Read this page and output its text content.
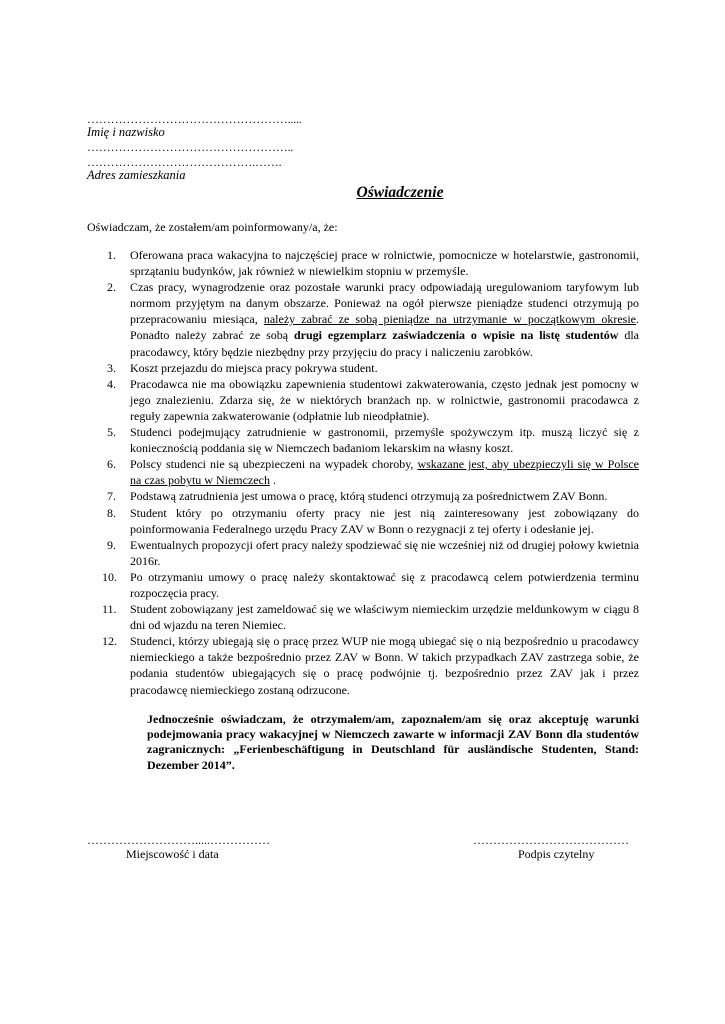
…………………………………………….....
Imię i nazwisko
……………………………………………..
…………………………………….…….
Adres zamieszkania
Oświadczenie
Oświadczam, że zostałem/am poinformowany/a, że:
1.	Oferowana praca wakacyjna to najczęściej prace w rolnictwie, pomocnicze w hotelarstwie, gastronomii, sprzątaniu budynków, jak również w niewielkim stopniu w przemyśle.
2.	Czas pracy, wynagrodzenie oraz pozostałe warunki pracy odpowiadają uregulowaniom taryfowym lub normom przyjętym na danym obszarze. Ponieważ na ogół pierwsze pieniądze studenci otrzymują po przepracowaniu miesiąca, należy zabrać ze sobą pieniądze na utrzymanie w początkowym okresie. Ponadto należy zabrać ze sobą drugi egzemplarz zaświadczenia o wpisie na listę studentów dla pracodawcy, który będzie niezbędny przy przyjęciu do pracy i naliczeniu zarobków.
3.	Koszt przejazdu do miejsca pracy pokrywa student.
4.	Pracodawca nie ma obowiązku zapewnienia studentowi zakwaterowania, często jednak jest pomocny w jego znalezieniu. Zdarza się, że w niektórych branżach np. w rolnictwie, gastronomii pracodawca z reguły zapewnia zakwaterowanie (odpłatnie lub nieodpłatnie).
5.	Studenci podejmujący zatrudnienie w gastronomii, przemyśle spożywczym itp. muszą liczyć się z koniecznością poddania się w Niemczech badaniom lekarskim na własny koszt.
6.	Polscy studenci nie są ubezpieczeni na wypadek choroby, wskazane jest, aby ubezpieczyli się w Polsce na czas pobytu w Niemczech .
7.	Podstawą zatrudnienia jest umowa o pracę, którą studenci otrzymują za pośrednictwem ZAV Bonn.
8.	Student który po otrzymaniu oferty pracy nie jest nią zainteresowany jest zobowiązany do poinformowania Federalnego urzędu Pracy ZAV w Bonn o rezygnacji z tej oferty i odesłanie jej.
9.	Ewentualnych propozycji ofert pracy należy spodziewać się nie wcześniej niż od drugiej połowy kwietnia 2016r.
10.	Po otrzymaniu umowy o pracę należy skontaktować się z pracodawcą celem potwierdzenia terminu rozpoczęcia pracy.
11.	Student zobowiązany jest zameldować się we właściwym niemieckim urzędzie meldunkowym w ciągu 8 dni od wjazdu na teren Niemiec.
12.	Studenci, którzy ubiegają się o pracę przez WUP nie mogą ubiegać się o nią bezpośrednio u pracodawcy niemieckiego a także bezpośrednio przez ZAV w Bonn. W takich przypadkach ZAV zastrzega sobie, że podania studentów ubiegających się o pracę podwójnie tj. bezpośrednio przez ZAV jak i przez pracodawcę niemieckiego zostaną odrzucone.
Jednocześnie oświadczam, że otrzymałem/am, zapoznałem/am się oraz akceptuję warunki podejmowania pracy wakacyjnej w Niemczech zawarte w informacji ZAV Bonn dla studentów zagranicznych: „Ferienbeschäftigung in Deutschland für ausländische Studenten, Stand: Dezember 2014”.
……………………….....……………	…………………………………
Miejscowość i data	Podpis czytelny
